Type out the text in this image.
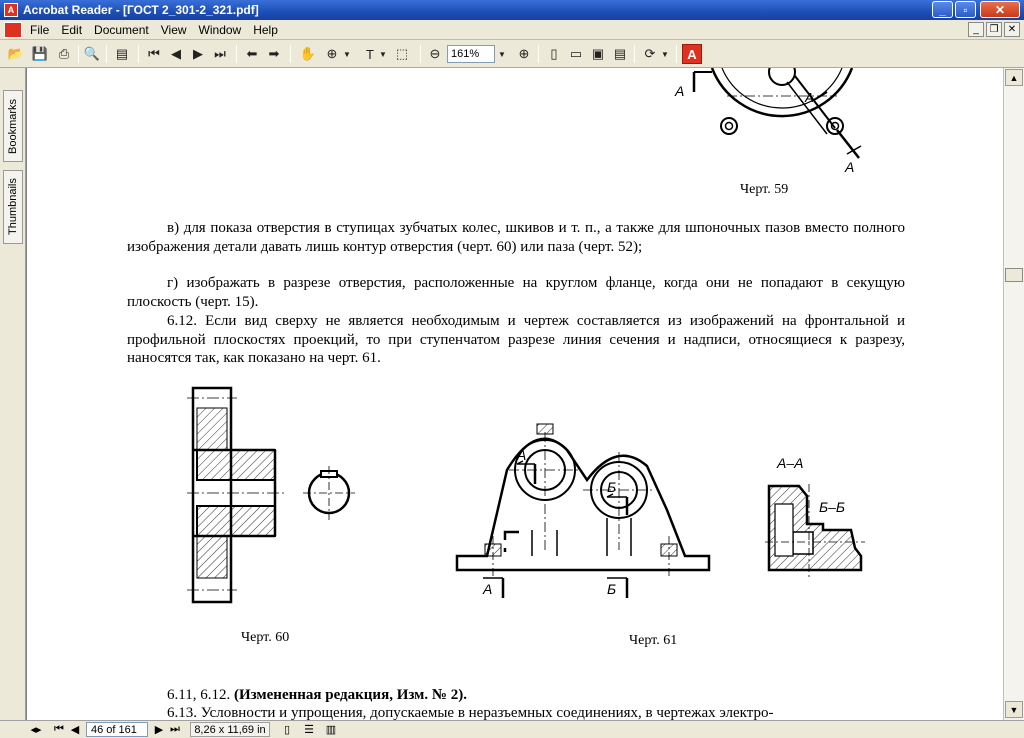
A Acrobat Reader - [ГОСТ 2_301-2_321.pdf]	_	▫	✕
File	Edit	Document	View	Window	Help	_	❐ ✕
📂 💾 ⎙	🔍 ▤	⏮ ◀ ▶ ⏭	⬅ ➡	✋ ⊕ ▼	T ▼ ⬚	⊖	▼ ⊕	▯ ▭ ▣ ▤	⟳ ▼	A
161%
Bookmarks
Thumbnails
A	A
A
Черт. 59
в) для показа отверстия в ступицах зубчатых колес, шкивов и т. п., а также для шпоночных пазов вместо полного изображения детали давать лишь контур отверстия (черт. 60) или паза (черт. 52);
г) изображать в разрезе отверстия, расположенные на круглом фланце, когда они не попадают в секущую плоскость (черт. 15).
6.12. Если вид сверху не является необходимым и чертеж составляется из изображений на фронтальной и профильной плоскостях проекций, то при ступенчатом разрезе линия сечения и надписи, относящиеся к разрезу, наносятся так, как показано на черт. 61.
Черт. 60
A
Б
A	Б
A–A
Б–Б
Черт. 61
6.11, 6.12. (Измененная редакция, Изм. № 2).
6.13. Условности и упрощения, допускаемые в неразъемных соединениях, в чертежах электро-
▲
▼
◂▸	⏮ ◀	46 of 161	▶ ⏭	8,26 x 11,69 in	▯	☰ ▥
